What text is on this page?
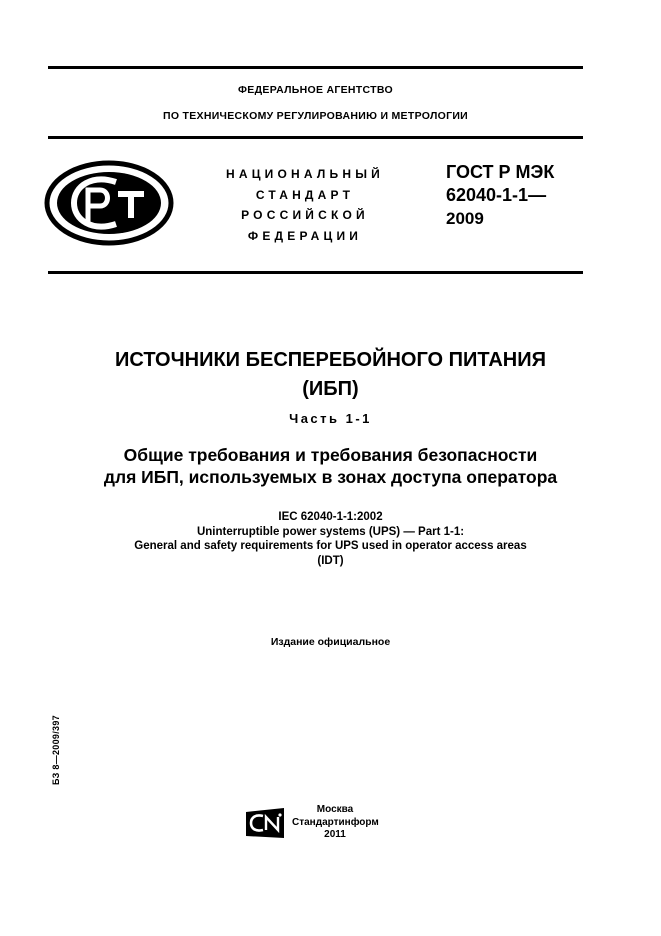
ФЕДЕРАЛЬНОЕ АГЕНТСТВО
ПО ТЕХНИЧЕСКОМУ РЕГУЛИРОВАНИЮ И МЕТРОЛОГИИ
НАЦИОНАЛЬНЫЙ
СТАНДАРТ
РОССИЙСКОЙ
ФЕДЕРАЦИИ
ГОСТ Р МЭК
62040-1-1—
2009
ИСТОЧНИКИ БЕСПЕРЕБОЙНОГО ПИТАНИЯ
(ИБП)
Часть 1-1
Общие требования и требования безопасности
для ИБП, используемых в зонах доступа оператора
IEC 62040-1-1:2002
Uninterruptible power systems (UPS) — Part 1-1:
General and safety requirements for UPS used in operator access areas
(IDT)
Издание официальное
БЗ 8—2009/397
Москва
Стандартинформ
2011
